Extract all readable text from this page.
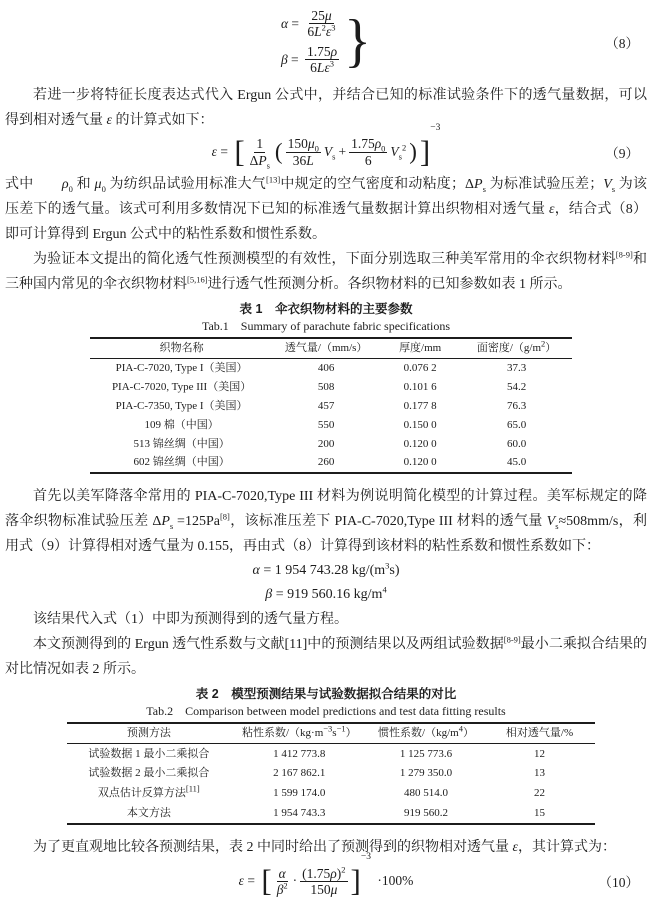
$\alpha = \frac{25\mu}{6L^2\varepsilon^3}$
$\beta = \frac{1.75\rho}{6L\varepsilon^3}$ }	（8）

若进一步将特征长度表达式代入 Ergun 公式中，并结合已知的标准试验条件下的透气量数据，可以得到相对透气量 ε 的计算式如下：

ε = [ $\frac{1}{\Delta P_s}$ ( $\frac{150\mu_0}{36L} V_s + \frac{1.75\rho_0}{6} V_s^2$ ) ]
$^{-3}$
（9）

式中　　$\rho_0$ 和 $\mu_0$ 为纺织品试验用标准大气[13]中规定的空气密度和动粘度；$\Delta P_s$ 为标准试验压差；$V_s$ 为该压差下的透气量。该式可利用多数情况下已知的标准透气量数据计算出织物相对透气量 ε，结合式（8）即可计算得到 Ergun 公式中的粘性系数和惯性系数。

为验证本文提出的简化透气性预测模型的有效性，下面分别选取三种美军常用的伞衣织物材料[8-9]和三种国内常见的伞衣织物材料[5,16]进行透气性预测分析。各织物材料的已知参数如表 1 所示。

表 1　伞衣织物材料的主要参数
Tab.1　Summary of parachute fabric specifications
织物名称	透气量/（mm/s）	厚度/mm	面密度$/(g/m^2)$
PIA-C-7020, Type I（美国）	406	0.076 2	37.3
PIA-C-7020, Type III（美国）	508	0.101 6	54.2
PIA-C-7350, Type I（美国）	457	0.177 8	76.3
109 棉（中国）	550	0.150 0	65.0
513 锦丝绸（中国）	200	0.120 0	60.0
602 锦丝绸（中国）	260	0.120 0	45.0

首先以美军降落伞常用的 PIA-C-7020,Type III 材料为例说明简化模型的计算过程。美军标规定的降落伞织物标准试验压差 $\Delta P_s =125Pa[8]$，该标准压差下 PIA-C-7020,Type III 材料的透气量 $V_s\approx 508mm/s$，利用式（9）计算得相对透气量为 0.155，再由式（8）计算得到该材料的粘性系数和惯性系数如下：

α = 1 954 743.28 $kg/(m^3s)$

β = 919 560.16 $kg/m^4$

该结果代入式（1）中即为预测得到的透气量方程。

本文预测得到的 Ergun 透气性系数与文献[11]中的预测结果以及两组试验数据[8-9]最小二乘拟合结果的对比情况如表 2 所示。

表 2　模型预测结果与试验数据拟合结果的对比
Tab.2　Comparison between model predictions and test data fitting results
预测方法	粘性系数$/(kg\cdot m^{-3}s^{-1})$	惯性系数$/(kg/m^4)$	相对透气量/%
试验数据 1 最小二乘拟合	1 412 773.8	1 125 773.6	12
试验数据 2 最小二乘拟合	2 167 862.1	1 279 350.0	13
双点估计反算方法[11]	1 599 174.0	480 514.0	22
本文方法	1 954 743.3	919 560.2	15

为了更直观地比较各预测结果，表 2 中同时给出了预测得到的织物相对透气量 ε，其计算式为：

ε = [ $\frac{\alpha}{\beta^2} \cdot \frac{(1.75\rho)^2}{150\mu}$ ]
$^{-3}$
·100%	（10）
